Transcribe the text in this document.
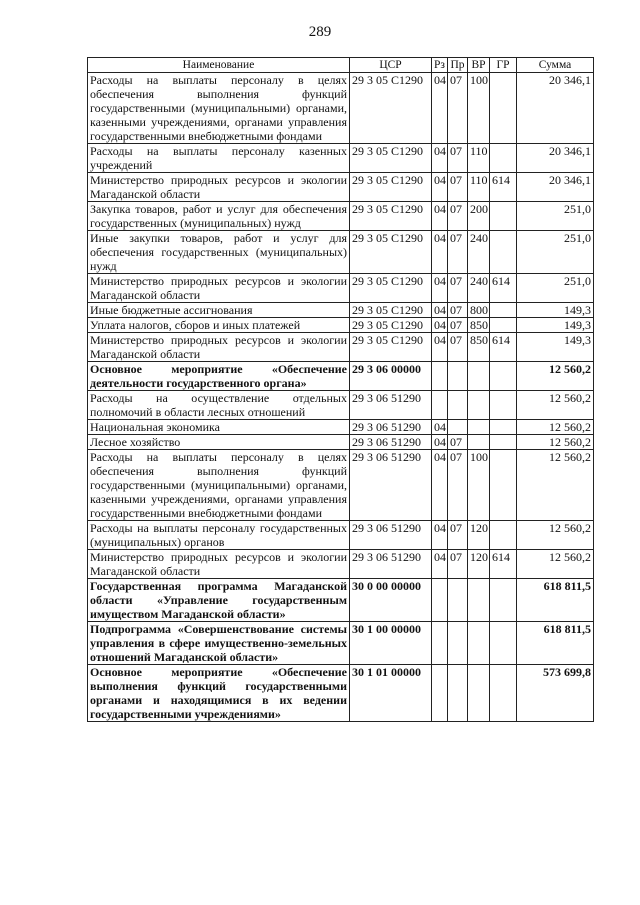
289
Наименование	ЦСР	Рз	Пр	ВР	ГР	Сумма
Расходы на выплаты персоналу в целях обеспечения выполнения функций государственными (муниципальными) органами, казенными учреждениями, органами управления государственными внебюджетными фондами	29 3 05 С1290	04	07	100		20 346,1
Расходы на выплаты персоналу казенных учреждений	29 3 05 С1290	04	07	110		20 346,1
Министерство природных ресурсов и экологии Магаданской области	29 3 05 С1290	04	07	110	614	20 346,1
Закупка товаров, работ и услуг для обеспечения государственных (муниципальных) нужд	29 3 05 С1290	04	07	200		251,0
Иные закупки товаров, работ и услуг для обеспечения государственных (муниципальных) нужд	29 3 05 С1290	04	07	240		251,0
Министерство природных ресурсов и экологии Магаданской области	29 3 05 С1290	04	07	240	614	251,0
Иные бюджетные ассигнования	29 3 05 С1290	04	07	800		149,3
Уплата налогов, сборов и иных платежей	29 3 05 С1290	04	07	850		149,3
Министерство природных ресурсов и экологии Магаданской области	29 3 05 С1290	04	07	850	614	149,3
Основное мероприятие «Обеспечение деятельности государственного органа»	29 3 06 00000					12 560,2
Расходы на осуществление отдельных полномочий в области лесных отношений	29 3 06 51290					12 560,2
Национальная экономика	29 3 06 51290	04				12 560,2
Лесное хозяйство	29 3 06 51290	04	07			12 560,2
Расходы на выплаты персоналу в целях обеспечения выполнения функций государственными (муниципальными) органами, казенными учреждениями, органами управления государственными внебюджетными фондами	29 3 06 51290	04	07	100		12 560,2
Расходы на выплаты персоналу государственных (муниципальных) органов	29 3 06 51290	04	07	120		12 560,2
Министерство природных ресурсов и экологии Магаданской области	29 3 06 51290	04	07	120	614	12 560,2
Государственная программа Магаданской области «Управление государственным имуществом Магаданской области»	30 0 00 00000					618 811,5
Подпрограмма «Совершенствование системы управления в сфере имущественно-земельных отношений Магаданской области»	30 1 00 00000					618 811,5
Основное мероприятие «Обеспечение выполнения функций государственными органами и находящимися в их ведении государственными учреждениями»	30 1 01 00000					573 699,8
